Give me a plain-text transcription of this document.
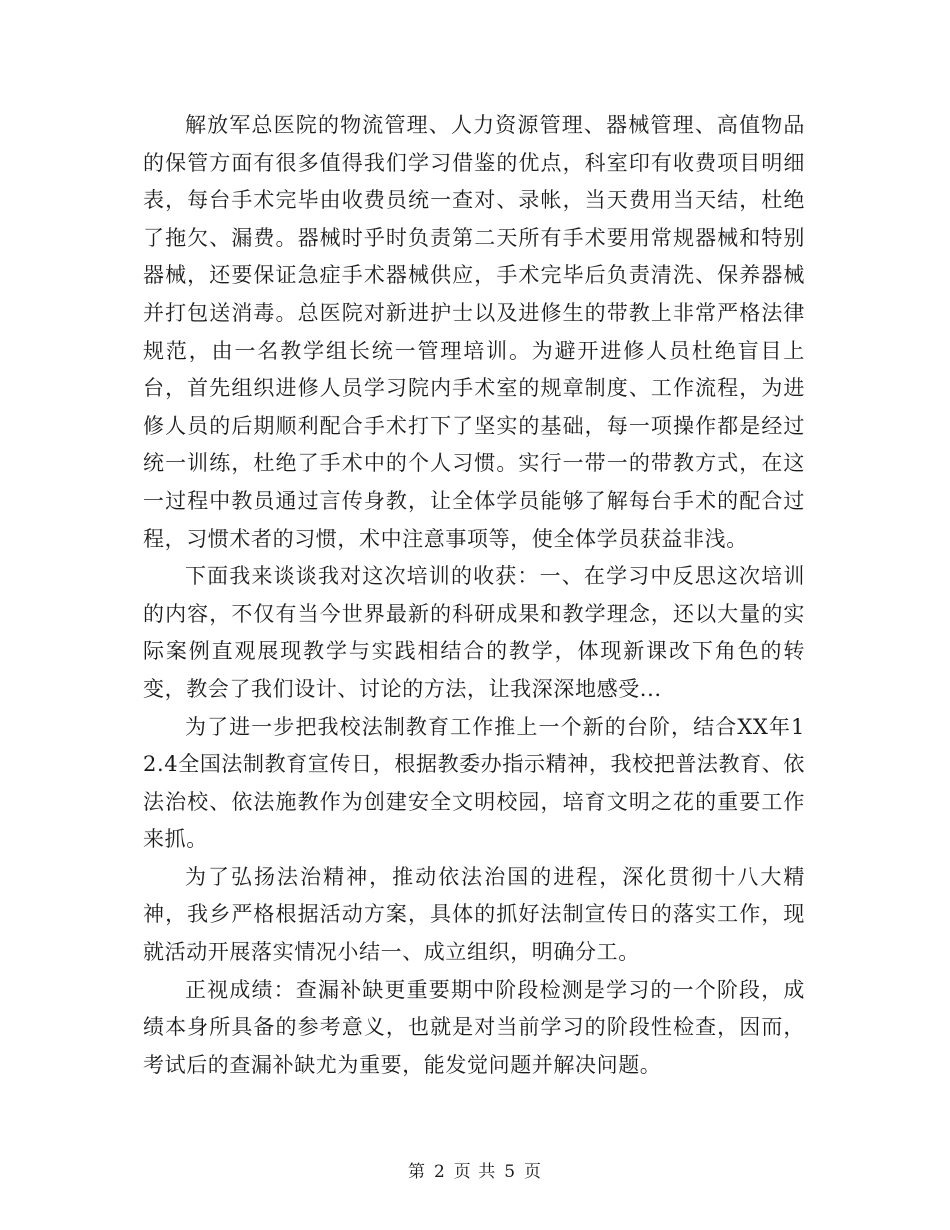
解放军总医院的物流管理、人力资源管理、器械管理、高值物品的保管方面有很多值得我们学习借鉴的优点，科室印有收费项目明细表，每台手术完毕由收费员统一查对、录帐，当天费用当天结，杜绝了拖欠、漏费。器械时乎时负责第二天所有手术要用常规器械和特别器械，还要保证急症手术器械供应，手术完毕后负责清洗、保养器械并打包送消毒。总医院对新进护士以及进修生的带教上非常严格法律规范，由一名教学组长统一管理培训。为避开进修人员杜绝盲目上台，首先组织进修人员学习院内手术室的规章制度、工作流程，为进修人员的后期顺利配合手术打下了坚实的基础，每一项操作都是经过统一训练，杜绝了手术中的个人习惯。实行一带一的带教方式，在这一过程中教员通过言传身教，让全体学员能够了解每台手术的配合过程，习惯术者的习惯，术中注意事项等，使全体学员获益非浅。

下面我来谈谈我对这次培训的收获：一、在学习中反思这次培训的内容，不仅有当今世界最新的科研成果和教学理念，还以大量的实际案例直观展现教学与实践相结合的教学，体现新课改下角色的转变，教会了我们设计、讨论的方法，让我深深地感受...

为了进一步把我校法制教育工作推上一个新的台阶，结合XX年12.4全国法制教育宣传日，根据教委办指示精神，我校把普法教育、依法治校、依法施教作为创建安全文明校园，培育文明之花的重要工作来抓。

为了弘扬法治精神，推动依法治国的进程，深化贯彻十八大精神，我乡严格根据活动方案，具体的抓好法制宣传日的落实工作，现就活动开展落实情况小结一、成立组织，明确分工。

正视成绩：查漏补缺更重要期中阶段检测是学习的一个阶段，成绩本身所具备的参考意义，也就是对当前学习的阶段性检查，因而，考试后的查漏补缺尤为重要，能发觉问题并解决问题。

第 2 页 共 5 页
